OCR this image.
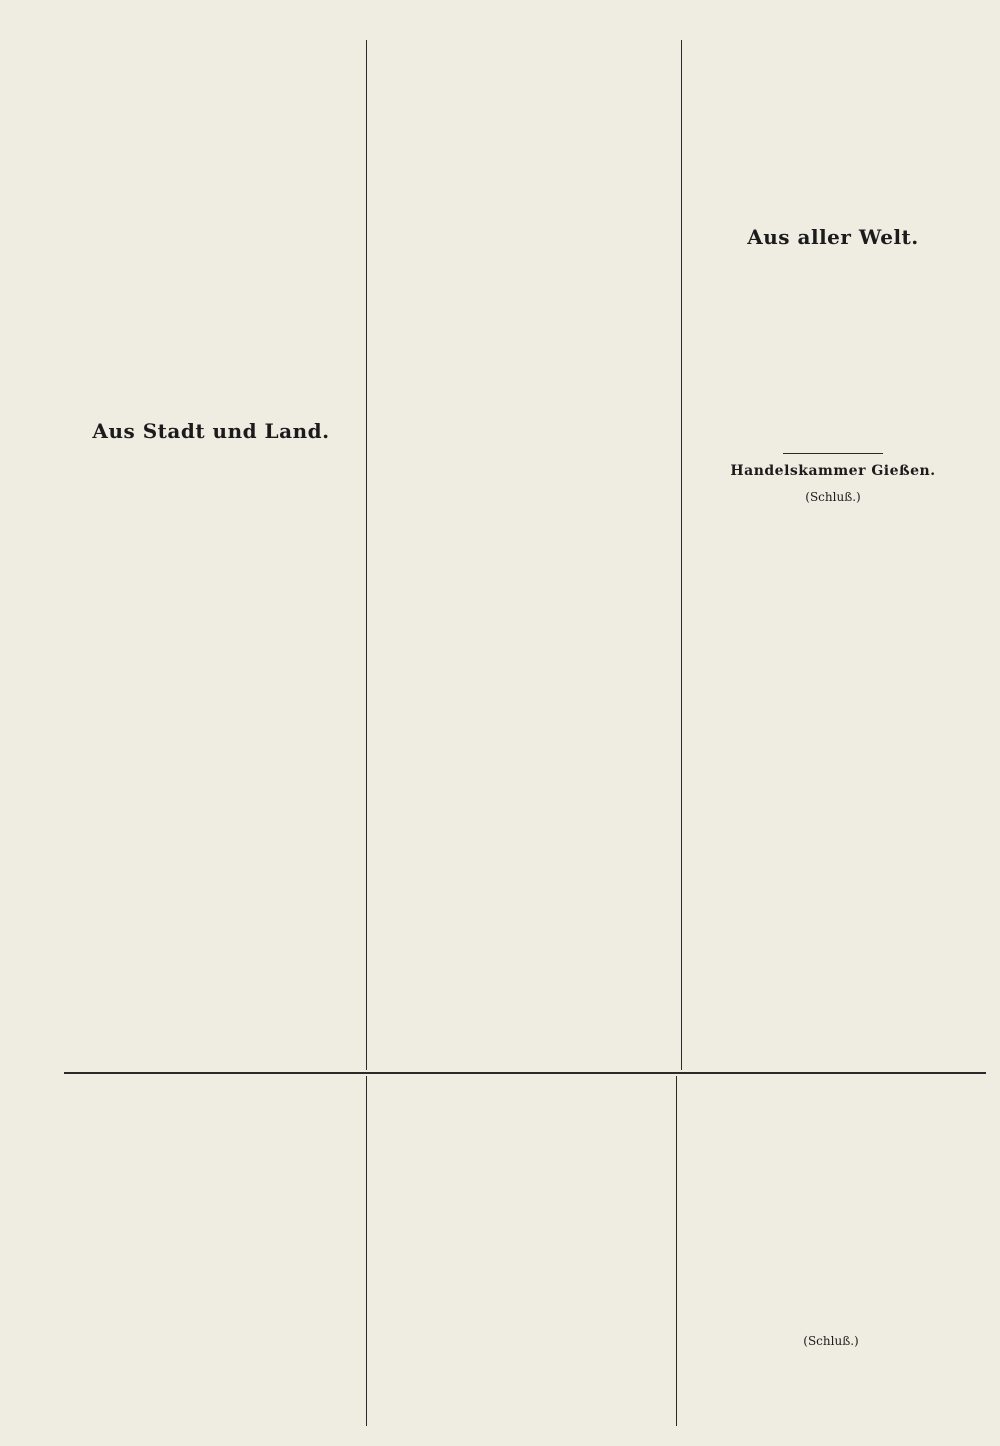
Aus Stadt und Land.
Aus aller Welt.
Handelskammer Gießen.
(Schluß.)
(Schluß.)
